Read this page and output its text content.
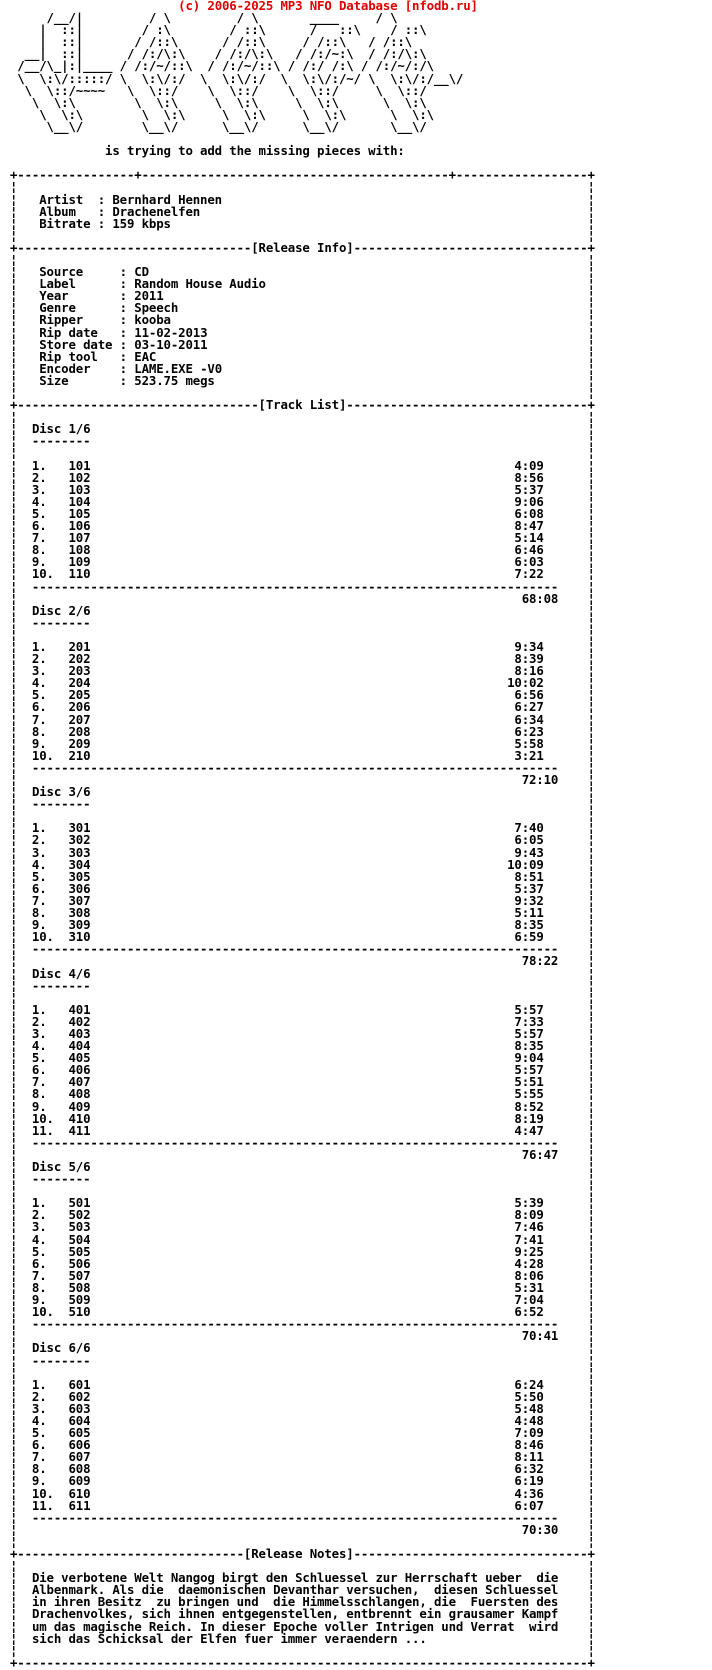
(c) 2006-2025 MP3 NFO Database [nfodb.ru]
/__/|         / \         / \       ____     / \
|  ::|        / :\        / ::\      /   ::\    / ::\
|  ::|       / /::\      / /::\     / /::\   / /::\
__|  ::|      / /:/\:\    / /:/\:\   / /:/~:\  / /:/\:\
/__/\_|:|____ / /:/~/::\  / /:/~/::\ / /:/ /:\ / /:/~/:/\
\  \:\/:::::/ \  \:\/:/  \  \:\/:/  \  \:\/:/~/ \  \:\/:/__\/
\  \::/~~~~   \  \::/    \  \::/    \  \::/     \  \::/
\  \:\        \  \:\     \  \:\     \  \:\      \  \:\
\  \:\        \  \:\     \  \:\     \  \:\      \  \:\
\__\/        \__\/      \__\/      \__\/       \__\/
is trying to add the missing pieces with:
+----------------+------------------------------------------+------------------+
¦	¦
¦   Artist  : Bernhard Hennen	¦
¦   Album   : Drachenelfen	¦
¦   Bitrate : 159 kbps	¦
¦	¦
+--------------------------------[Release Info]--------------------------------+
¦	¦
¦   Source     : CD	¦
¦   Label      : Random House Audio	¦
¦   Year       : 2011	¦
¦   Genre      : Speech	¦
¦   Ripper     : kooba	¦
¦   Rip date   : 11-02-2013	¦
¦   Store date : 03-10-2011	¦
¦   Rip tool   : EAC	¦
¦   Encoder    : LAME.EXE -V0	¦
¦   Size       : 523.75 megs	¦
¦	¦
+---------------------------------[Track List]---------------------------------+
¦	¦
¦ Disc 1/6	¦
¦  --------	¦
¦	¦
¦  1.   101                                                          4:09	¦
¦  2.   102                                                          8:56	¦
¦  3.   103                                                          5:37	¦
¦  4.   104                                                          9:06	¦
¦  5.   105                                                          6:08	¦
¦  6.   106                                                          8:47	¦
¦  7.   107                                                          5:14	¦
¦  8.   108                                                          6:46	¦
¦  9.   109                                                          6:03	¦
¦  10.  110                                                          7:22	¦
¦  ------------------------------------------------------------------------ ¦
¦                                                                     68:08 ¦
¦ Disc 2/6	¦
¦  --------	¦
¦	¦
¦  1.   201                                                          9:34	¦
¦  2.   202                                                          8:39	¦
¦  3.   203                                                          8:16	¦
¦  4.   204                                                         10:02	¦
¦  5.   205                                                          6:56	¦
¦  6.   206                                                          6:27	¦
¦  7.   207                                                          6:34	¦
¦  8.   208                                                          6:23	¦
¦  9.   209                                                          5:58	¦
¦  10.  210                                                          3:21	¦
¦  ------------------------------------------------------------------------ ¦
¦                                                                     72:10 ¦
¦ Disc 3/6	¦
¦  --------	¦
¦	¦
¦  1.   301                                                          7:40	¦
¦  2.   302                                                          6:05	¦
¦  3.   303                                                          9:43	¦
¦  4.   304                                                         10:09	¦
¦  5.   305                                                          8:51	¦
¦  6.   306                                                          5:37	¦
¦  7.   307                                                          9:32	¦
¦  8.   308                                                          5:11	¦
¦  9.   309                                                          8:35	¦
¦  10.  310                                                          6:59	¦
¦  ------------------------------------------------------------------------ ¦
¦                                                                     78:22 ¦
¦ Disc 4/6	¦
¦  --------	¦
¦	¦
¦  1.   401                                                          5:57	¦
¦  2.   402                                                          7:33	¦
¦  3.   403                                                          5:57	¦
¦  4.   404                                                          8:35	¦
¦  5.   405                                                          9:04	¦
¦  6.   406                                                          5:57	¦
¦  7.   407                                                          5:51	¦
¦  8.   408                                                          5:55	¦
¦  9.   409                                                          8:52	¦
¦  10.  410                                                          8:19	¦
¦  11.  411                                                          4:47	¦
¦  ------------------------------------------------------------------------ ¦
¦                                                                     76:47 ¦
¦ Disc 5/6	¦
¦  --------	¦
¦	¦
¦  1.   501                                                          5:39	¦
¦  2.   502                                                          8:09	¦
¦  3.   503                                                          7:46	¦
¦  4.   504                                                          7:41	¦
¦  5.   505                                                          9:25	¦
¦  6.   506                                                          4:28	¦
¦  7.   507                                                          8:06	¦
¦  8.   508                                                          5:31	¦
¦  9.   509                                                          7:04	¦
¦  10.  510                                                          6:52	¦
¦  ------------------------------------------------------------------------ ¦
¦                                                                     70:41 ¦
¦ Disc 6/6	¦
¦  --------	¦
¦	¦
¦  1.   601                                                          6:24	¦
¦  2.   602                                                          5:50	¦
¦  3.   603                                                          5:48	¦
¦  4.   604                                                          4:48	¦
¦  5.   605                                                          7:09	¦
¦  6.   606                                                          8:46	¦
¦  7.   607                                                          8:11	¦
¦  8.   608                                                          6:32	¦
¦  9.   609                                                          6:19	¦
¦  10.  610                                                          4:36	¦
¦  11.  611                                                          6:07	¦
¦  ------------------------------------------------------------------------ ¦
¦                                                                     70:30 ¦
¦	¦
+-------------------------------[Release Notes]--------------------------------+
¦	¦
¦ Die verbotene Welt Nangog birgt den Schluessel zur Herrschaft ueber  die ¦
¦ Albenmark. Als die  daemonischen Devanthar versuchen,  diesen Schluessel ¦
¦ in ihren Besitz  zu bringen und  die Himmelsschlangen, die  Fuersten des ¦
¦ Drachenvolkes, sich ihnen entgegenstellen, entbrennt ein grausamer Kampf ¦
¦ um das magische Reich. In dieser Epoche voller Intrigen und Verrat  wird ¦
¦ sich das Schicksal der Elfen fuer immer veraendern ...	¦
¦	¦
+------------------------------------------------------------------------------+
